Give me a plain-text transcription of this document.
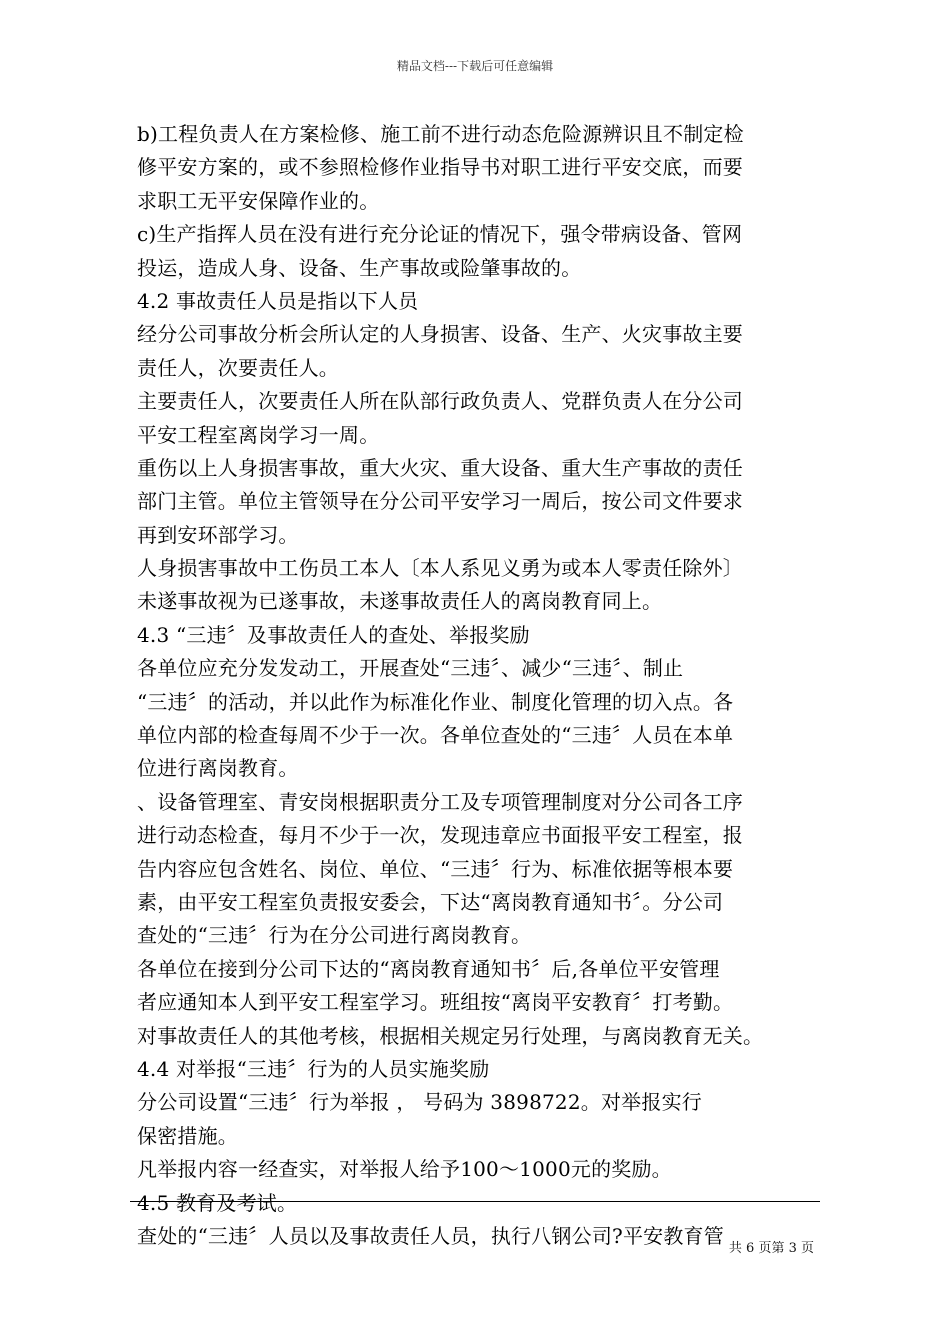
精品文档---下载后可任意编辑
b)工程负责人在方案检修、施工前不进行动态危险源辨识且不制定检
修平安方案的，或不参照检修作业指导书对职工进行平安交底，而要
求职工无平安保障作业的。
c)生产指挥人员在没有进行充分论证的情况下，强令带病设备、管网
投运，造成人身、设备、生产事故或险肇事故的。
4.2 事故责任人员是指以下人员
经分公司事故分析会所认定的人身损害、设备、生产、火灾事故主要
责任人，次要责任人。
主要责任人，次要责任人所在队部行政负责人、党群负责人在分公司
平安工程室离岗学习一周。
重伤以上人身损害事故，重大火灾、重大设备、重大生产事故的责任
部门主管。单位主管领导在分公司平安学习一周后，按公司文件要求
再到安环部学习。
人身损害事故中工伤员工本人〔本人系见义勇为或本人零责任除外〕
未遂事故视为已遂事故，未遂事故责任人的离岗教育同上。
4.3 “三违〞及事故责任人的查处、举报奖励
各单位应充分发发动工，开展查处“三违〞、减少“三违〞、制止
“三违〞的活动，并以此作为标准化作业、制度化管理的切入点。各
单位内部的检查每周不少于一次。各单位查处的“三违〞人员在本单
位进行离岗教育。
、设备管理室、青安岗根据职责分工及专项管理制度对分公司各工序
进行动态检查，每月不少于一次，发现违章应书面报平安工程室，报
告内容应包含姓名、岗位、单位、“三违〞行为、标准依据等根本要
素，由平安工程室负责报安委会，下达“离岗教育通知书〞。分公司
查处的“三违〞行为在分公司进行离岗教育。
各单位在接到分公司下达的“离岗教育通知书〞后,各单位平安管理
者应通知本人到平安工程室学习。班组按“离岗平安教育〞打考勤。
对事故责任人的其他考核，根据相关规定另行处理，与离岗教育无关。
4.4 对举报“三违〞行为的人员实施奖励
分公司设置“三违〞行为举报 ， 号码为 3898722。对举报实行
保密措施。
凡举报内容一经查实，对举报人给予100～1000元的奖励。
4.5 教育及考试。
查处的“三违〞人员以及事故责任人员，执行八钢公司?平安教育管
共 6 页第 3 页
